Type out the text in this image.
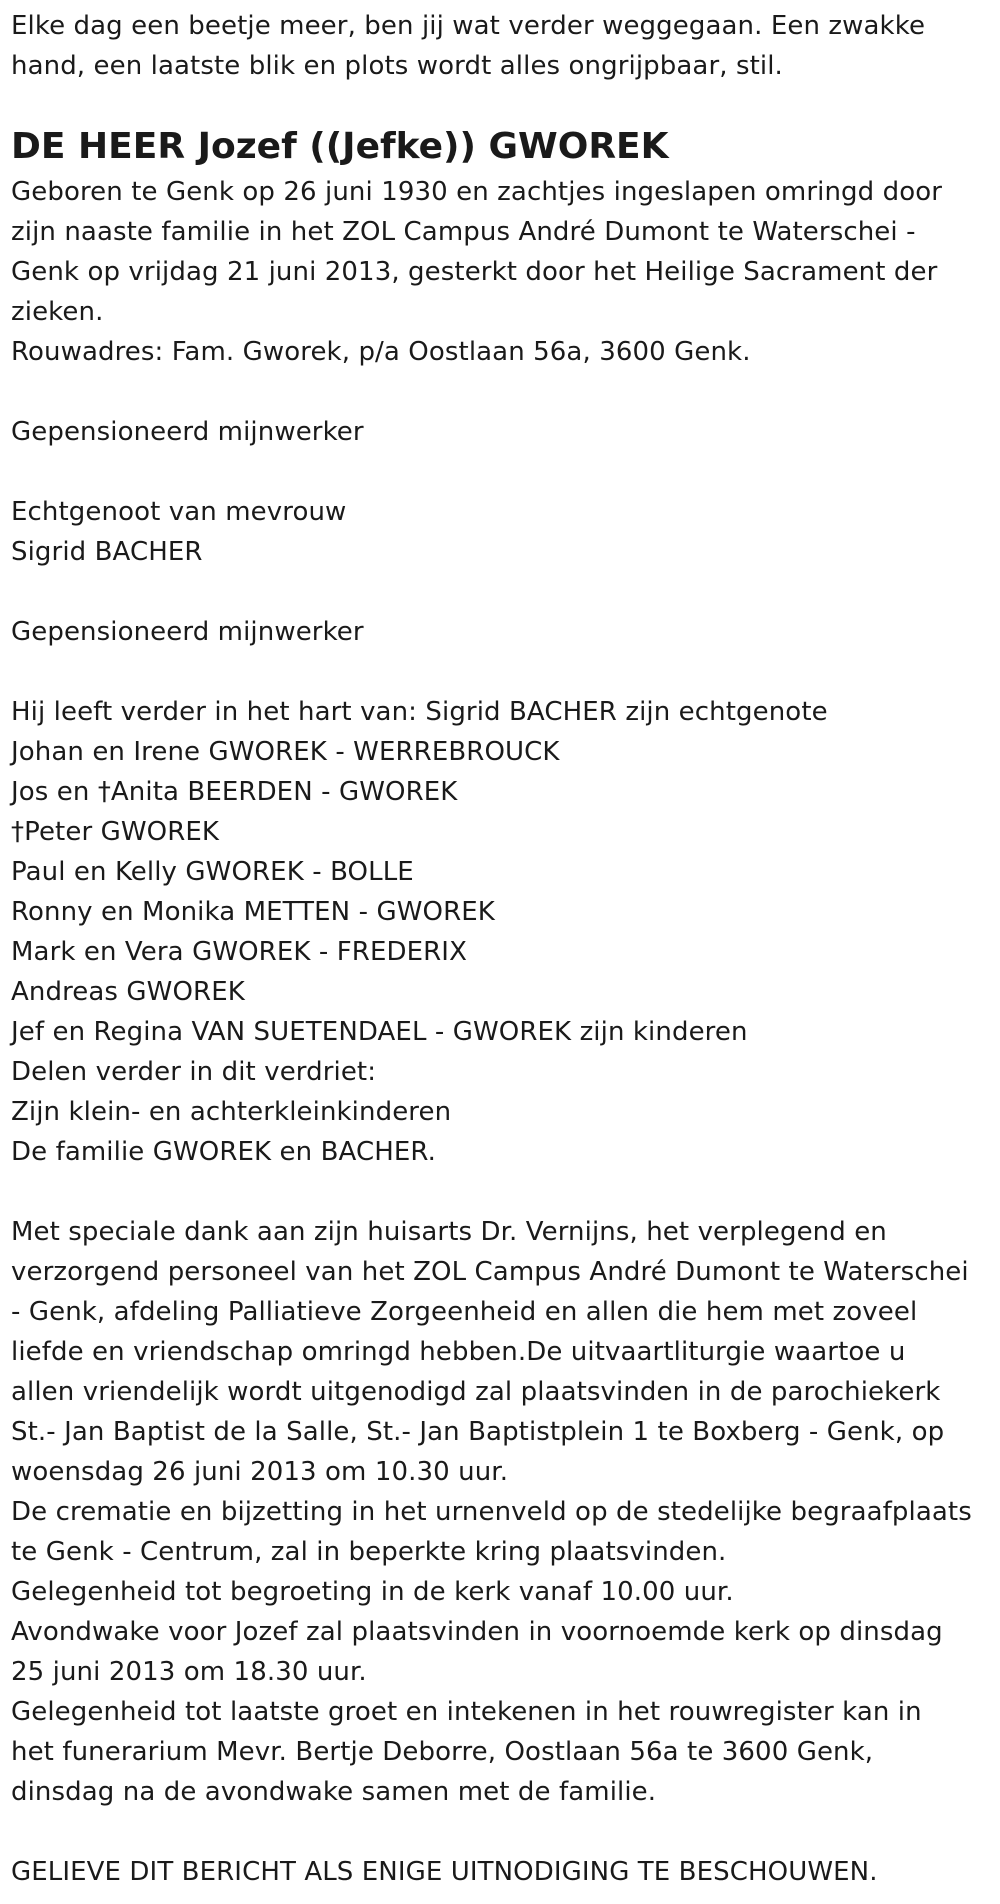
Elke dag een beetje meer, ben jij wat verder weggegaan. Een zwakke
hand, een laatste blik en plots wordt alles ongrijpbaar, stil.
DE HEER Jozef ((Jefke)) GWOREK
Geboren te Genk op 26 juni 1930 en zachtjes ingeslapen omringd door
zijn naaste familie in het ZOL Campus André Dumont te Waterschei -
Genk op vrijdag 21 juni 2013, gesterkt door het Heilige Sacrament der
zieken.
Rouwadres: Fam. Gworek, p/a Oostlaan 56a, 3600 Genk.
Gepensioneerd mijnwerker
Echtgenoot van mevrouw
Sigrid BACHER
Gepensioneerd mijnwerker
Hij leeft verder in het hart van: Sigrid BACHER zijn echtgenote
Johan en Irene GWOREK - WERREBROUCK
Jos en †Anita BEERDEN - GWOREK
†Peter GWOREK
Paul en Kelly GWOREK - BOLLE
Ronny en Monika METTEN - GWOREK
Mark en Vera GWOREK - FREDERIX
Andreas GWOREK
Jef en Regina VAN SUETENDAEL - GWOREK zijn kinderen
Delen verder in dit verdriet:
Zijn klein- en achterkleinkinderen
De familie GWOREK en BACHER.
Met speciale dank aan zijn huisarts Dr. Vernijns, het verplegend en
verzorgend personeel van het ZOL Campus André Dumont te Waterschei
- Genk, afdeling Palliatieve Zorgeenheid en allen die hem met zoveel
liefde en vriendschap omringd hebben.De uitvaartliturgie waartoe u
allen vriendelijk wordt uitgenodigd zal plaatsvinden in de parochiekerk
St.- Jan Baptist de la Salle, St.- Jan Baptistplein 1 te Boxberg - Genk, op
woensdag 26 juni 2013 om 10.30 uur.
De crematie en bijzetting in het urnenveld op de stedelijke begraafplaats
te Genk - Centrum, zal in beperkte kring plaatsvinden.
Gelegenheid tot begroeting in de kerk vanaf 10.00 uur.
Avondwake voor Jozef zal plaatsvinden in voornoemde kerk op dinsdag
25 juni 2013 om 18.30 uur.
Gelegenheid tot laatste groet en intekenen in het rouwregister kan in
het funerarium Mevr. Bertje Deborre, Oostlaan 56a te 3600 Genk,
dinsdag na de avondwake samen met de familie.
GELIEVE DIT BERICHT ALS ENIGE UITNODIGING TE BESCHOUWEN.
